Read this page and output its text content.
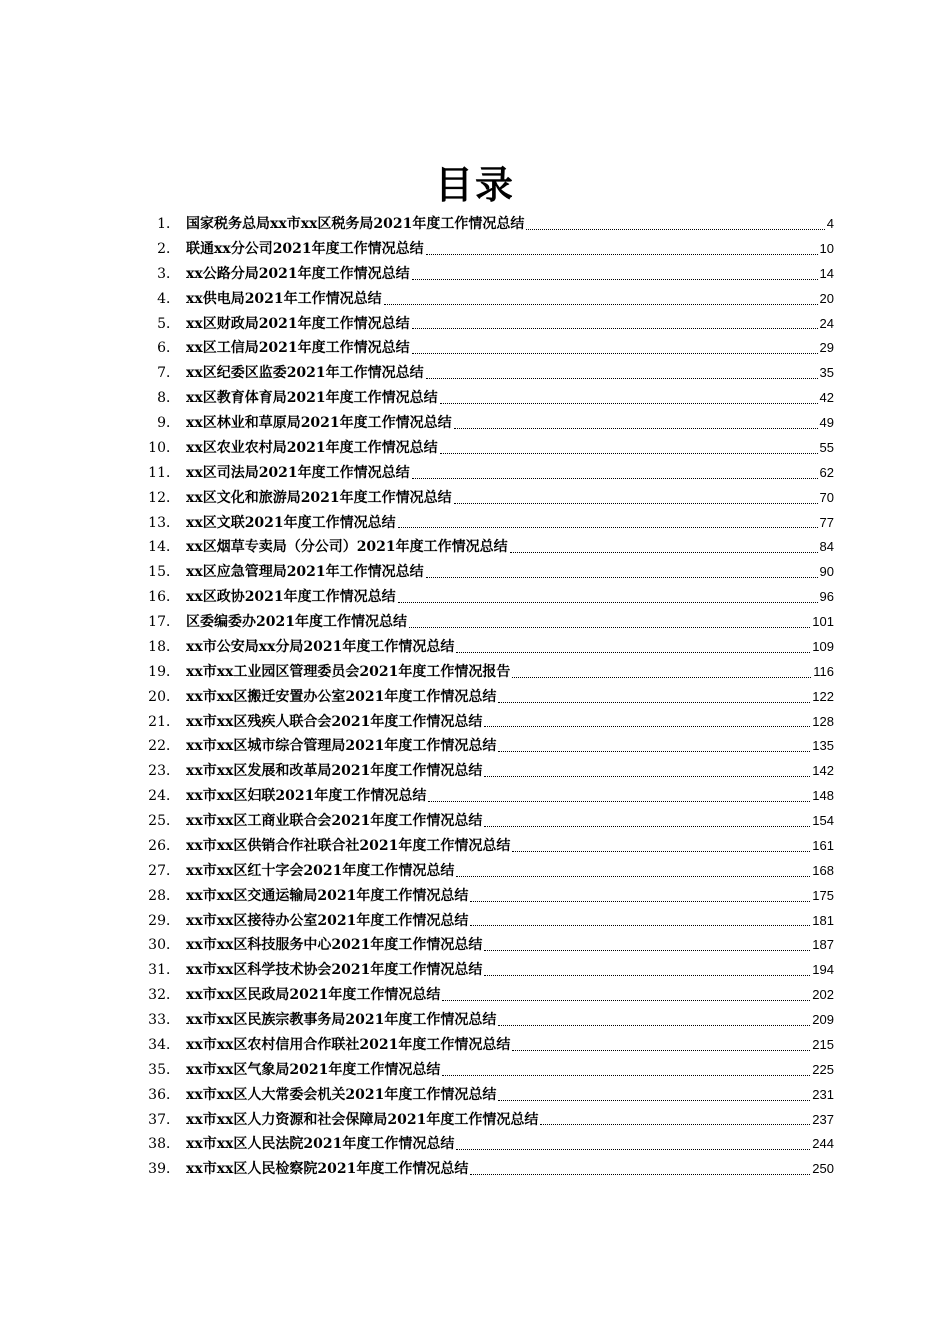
目录
1． 国家税务总局xx市xx区税务局2021年度工作情况总结	4
2． 联通xx分公司2021年度工作情况总结	10
3． xx公路分局2021年度工作情况总结	14
4． xx供电局2021年工作情况总结	20
5． xx区财政局2021年度工作情况总结	24
6． xx区工信局2021年度工作情况总结	29
7． xx区纪委区监委2021年工作情况总结	35
8． xx区教育体育局2021年度工作情况总结	42
9． xx区林业和草原局2021年度工作情况总结	49
10． xx区农业农村局2021年度工作情况总结	55
11． xx区司法局2021年度工作情况总结	62
12． xx区文化和旅游局2021年度工作情况总结	70
13． xx区文联2021年度工作情况总结	77
14． xx区烟草专卖局（分公司）2021年度工作情况总结	84
15． xx区应急管理局2021年工作情况总结	90
16． xx区政协2021年度工作情况总结	96
17． 区委编委办2021年度工作情况总结	101
18． xx市公安局xx分局2021年度工作情况总结	109
19． xx市xx工业园区管理委员会2021年度工作情况报告	116
20． xx市xx区搬迁安置办公室2021年度工作情况总结	122
21． xx市xx区残疾人联合会2021年度工作情况总结	128
22． xx市xx区城市综合管理局2021年度工作情况总结	135
23． xx市xx区发展和改革局2021年度工作情况总结	142
24． xx市xx区妇联2021年度工作情况总结	148
25． xx市xx区工商业联合会2021年度工作情况总结	154
26． xx市xx区供销合作社联合社2021年度工作情况总结	161
27． xx市xx区红十字会2021年度工作情况总结	168
28． xx市xx区交通运输局2021年度工作情况总结	175
29． xx市xx区接待办公室2021年度工作情况总结	181
30． xx市xx区科技服务中心2021年度工作情况总结	187
31． xx市xx区科学技术协会2021年度工作情况总结	194
32． xx市xx区民政局2021年度工作情况总结	202
33． xx市xx区民族宗教事务局2021年度工作情况总结	209
34． xx市xx区农村信用合作联社2021年度工作情况总结	215
35． xx市xx区气象局2021年度工作情况总结	225
36． xx市xx区人大常委会机关2021年度工作情况总结	231
37． xx市xx区人力资源和社会保障局2021年度工作情况总结	237
38． xx市xx区人民法院2021年度工作情况总结	244
39． xx市xx区人民检察院2021年度工作情况总结	250
